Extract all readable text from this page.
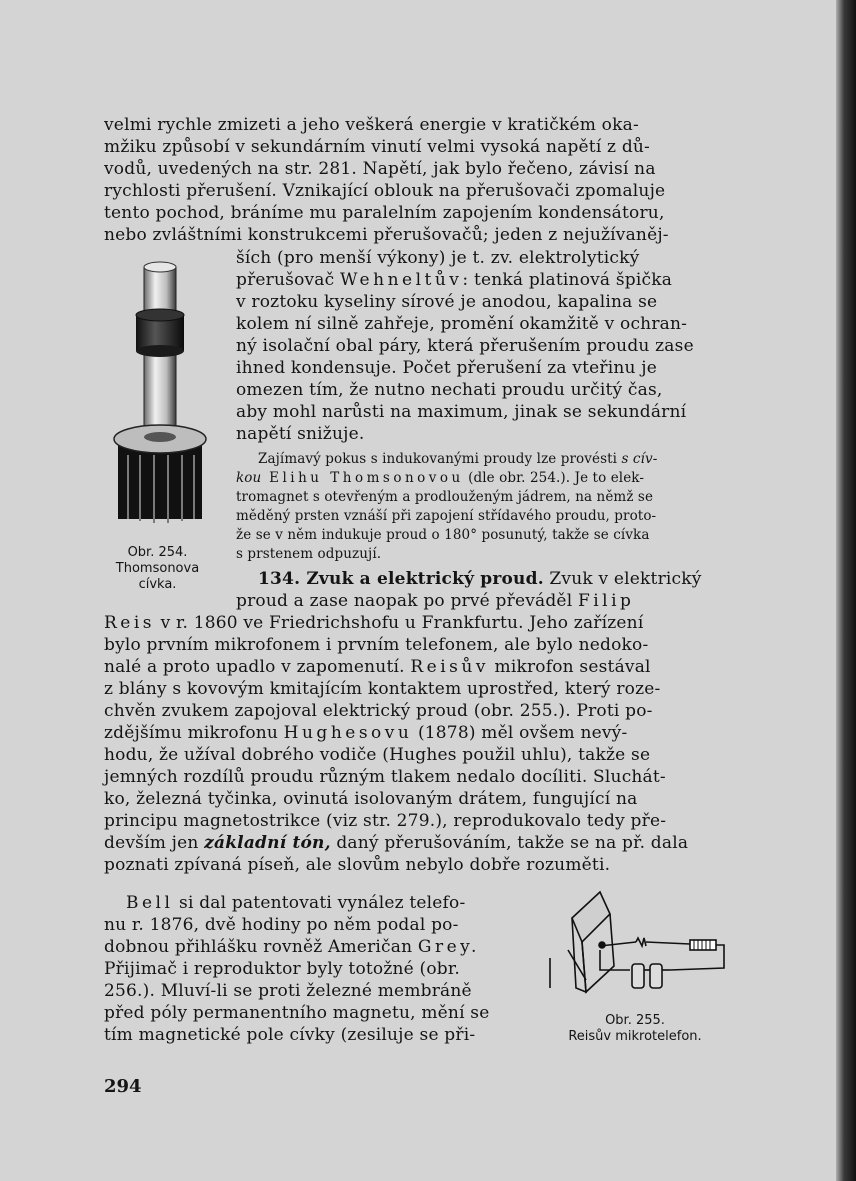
velmi rychle zmizeti a jeho veškerá energie v kratičkém oka-
mžiku způsobí v sekundárním vinutí velmi vysoká napětí z dů-
vodů, uvedených na str. 281. Napětí, jak bylo řečeno, závisí na
rychlosti přerušení. Vznikající oblouk na přerušovači zpomaluje
tento pochod, bráníme mu paralelním zapojením kondensátoru,
nebo zvláštními konstrukcemi přerušovačů; jeden z nejužívaněj-
ších (pro menší výkony) je t. zv. elektrolytický
přerušovač Wehneltův: tenká platinová špička
v roztoku kyseliny sírové je anodou, kapalina se
kolem ní silně zahřeje, promění okamžitě v ochran-
ný isolační obal páry, která přerušením proudu zase
ihned kondensuje. Počet přerušení za vteřinu je
omezen tím, že nutno nechati proudu určitý čas,
aby mohl narůsti na maximum, jinak se sekundární
napětí snižuje.
Zajímavý pokus s indukovanými proudy lze provésti s cív-
kou Elihu Thomsonovou (dle obr. 254.). Je to elek-
tromagnet s otevřeným a prodlouženým jádrem, na němž se
měděný prsten vznáší při zapojení střídavého proudu, proto-
že se v něm indukuje proud o 180° posunutý, takže se cívka
s prstenem odpuzují.
134. Zvuk a elektrický proud. Zvuk v elektrický
proud a zase naopak po prvé převáděl Filip
Reis v r. 1860 ve Friedrichshofu u Frankfurtu. Jeho zařízení
bylo prvním mikrofonem i prvním telefonem, ale bylo nedoko-
nalé a proto upadlo v zapomenutí. Reisův mikrofon sestával
z blány s kovovým kmitajícím kontaktem uprostřed, který roze-
chvěn zvukem zapojoval elektrický proud (obr. 255.). Proti po-
zdějšímu mikrofonu Hughesovu (1878) měl ovšem nevý-
hodu, že užíval dobrého vodiče (Hughes použil uhlu), takže se
jemných rozdílů proudu různým tlakem nedalo docíliti. Sluchát-
ko, železná tyčinka, ovinutá isolovaným drátem, fungující na
principu magnetostrikce (viz str. 279.), reprodukovalo tedy pře-
devším jen základní tón, daný přerušováním, takže se na př. dala
poznati zpívaná píseň, ale slovům nebylo dobře rozuměti.
Bell si dal patentovati vynález telefo-
nu r. 1876, dvě hodiny po něm podal po-
dobnou přihlášku rovněž Američan Grey.
Přijimač i reproduktor byly totožné (obr.
256.). Mluví-li se proti železné membráně
před póly permanentního magnetu, mění se
tím magnetické pole cívky (zesiluje se při-
Obr. 254.
Thomsonova
cívka.
Obr. 255.
Reisův mikrotelefon.
294
